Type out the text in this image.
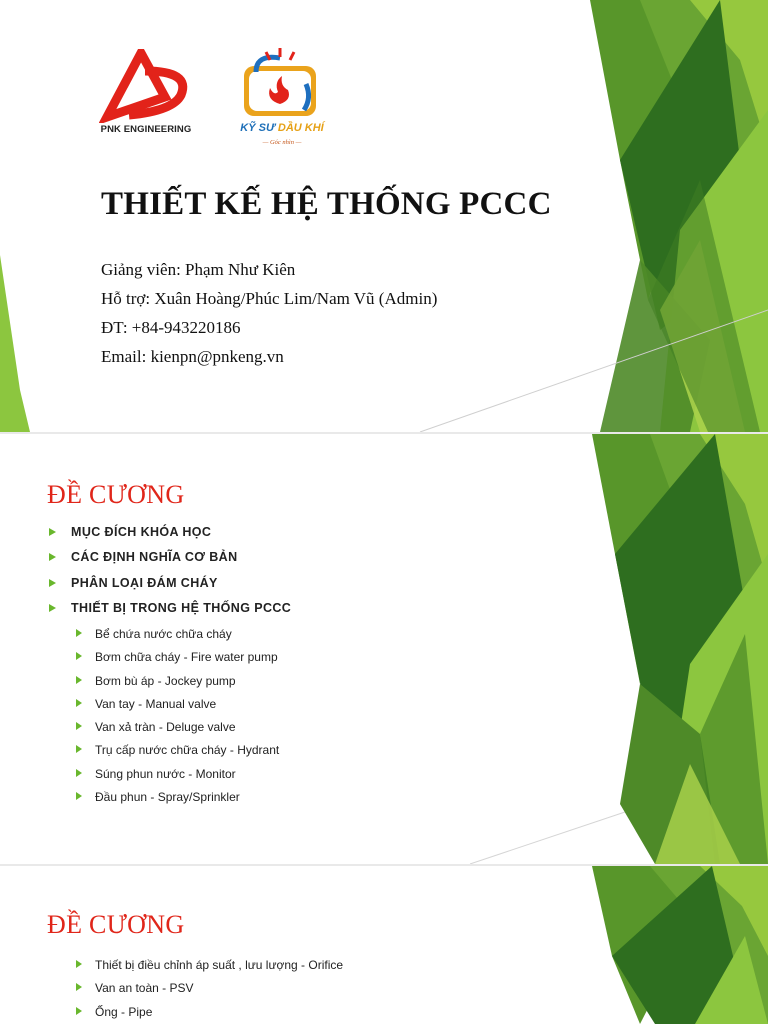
PNK ENGINEERING	KỸ SƯ DẦU KHÍ
— Góc nhìn —
THIẾT KẾ HỆ THỐNG PCCC
Giảng viên: Phạm Như Kiên
Hỗ trợ: Xuân Hoàng/Phúc Lim/Nam Vũ (Admin)
ĐT: +84-943220186
Email: kienpn@pnkeng.vn
ĐỀ CƯƠNG
MỤC ĐÍCH KHÓA HỌC
CÁC ĐỊNH NGHĨA CƠ BẢN
PHÂN LOẠI ĐÁM CHÁY
THIẾT BỊ TRONG HỆ THỐNG PCCC
Bể chứa nước chữa cháy
Bơm chữa cháy - Fire water pump
Bơm bù áp - Jockey pump
Van tay - Manual valve
Van xả tràn - Deluge valve
Trụ cấp nước chữa cháy - Hydrant
Súng phun nước - Monitor
Đầu phun - Spray/Sprinkler
ĐỀ CƯƠNG
Thiết bị điều chỉnh áp suất , lưu lượng - Orifice
Van an toàn - PSV
Ống - Pipe
